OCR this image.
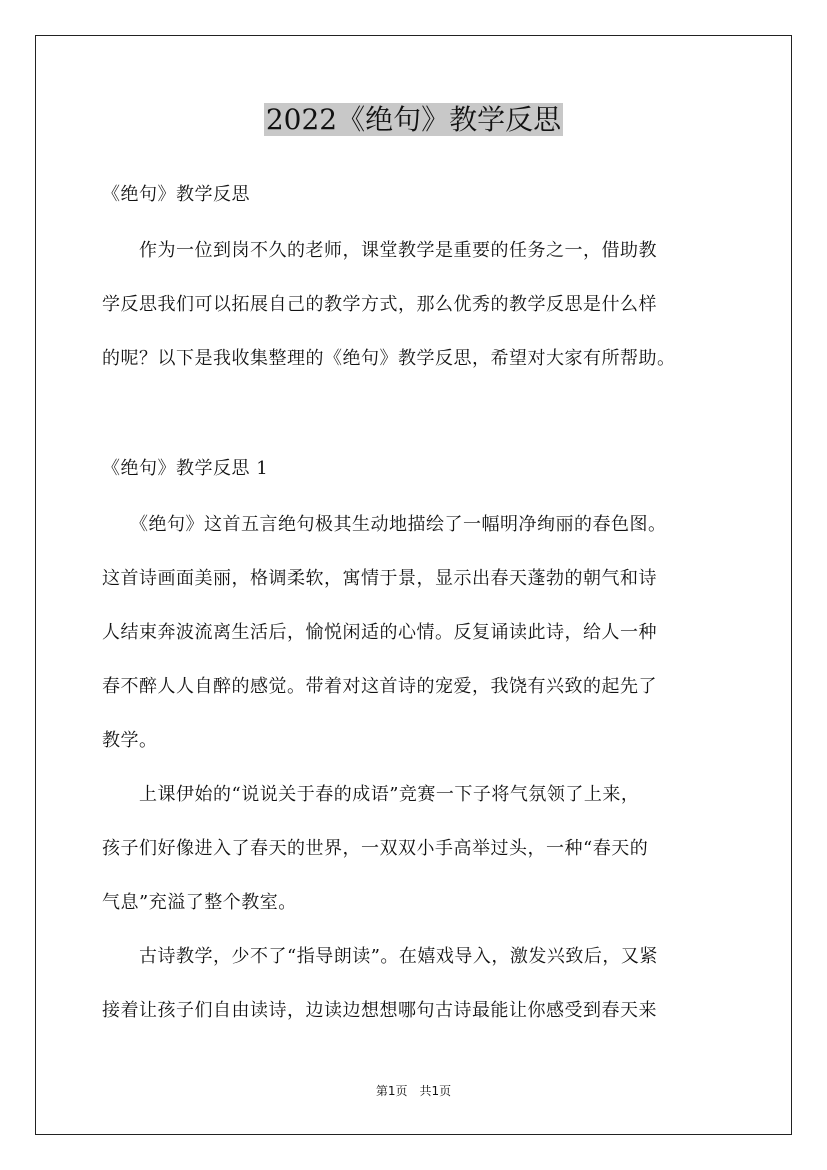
2022《绝句》教学反思
《绝句》教学反思
　　作为一位到岗不久的老师，课堂教学是重要的任务之一，借助教
学反思我们可以拓展自己的教学方式，那么优秀的教学反思是什么样
的呢？以下是我收集整理的《绝句》教学反思，希望对大家有所帮助。
《绝句》教学反思 1
　　《绝句》这首五言绝句极其生动地描绘了一幅明净绚丽的春色图。
这首诗画面美丽，格调柔软，寓情于景，显示出春天蓬勃的朝气和诗
人结束奔波流离生活后，愉悦闲适的心情。反复诵读此诗，给人一种
春不醉人人自醉的感觉。带着对这首诗的宠爱，我饶有兴致的起先了
教学。
　　上课伊始的“说说关于春的成语”竞赛一下子将气氛领了上来，
孩子们好像进入了春天的世界，一双双小手高举过头，一种“春天的
气息”充溢了整个教室。
　　古诗教学，少不了“指导朗读”。在嬉戏导入，激发兴致后，又紧
接着让孩子们自由读诗，边读边想想哪句古诗最能让你感受到春天来
第1页　共1页
